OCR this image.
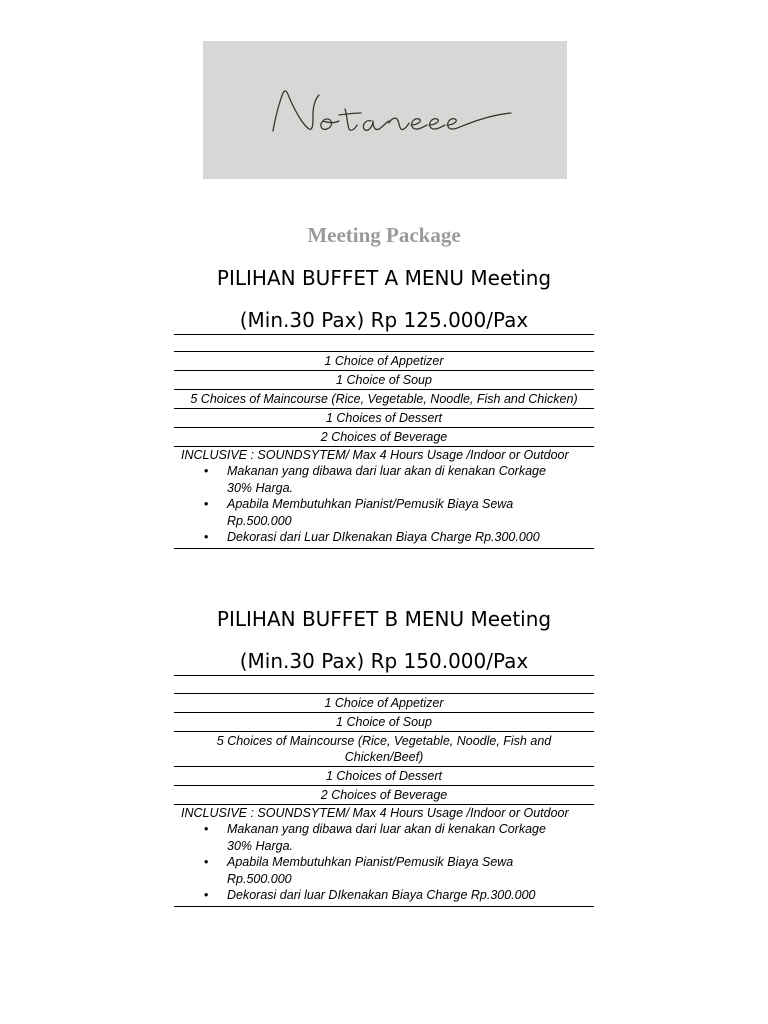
Meeting Package
PILIHAN BUFFET A MENU Meeting
(Min.30 Pax) Rp 125.000/Pax
1 Choice of Appetizer
1 Choice of Soup
5 Choices of Maincourse (Rice, Vegetable, Noodle, Fish and Chicken)
1 Choices of Dessert
2 Choices of Beverage
INCLUSIVE : SOUNDSYTEM/ Max 4 Hours Usage /Indoor or Outdoor
• Makanan yang dibawa dari luar akan di kenakan Corkage 30% Harga.
• Apabila Membutuhkan Pianist/Pemusik Biaya Sewa Rp.500.000
• Dekorasi dari Luar DIkenakan Biaya Charge Rp.300.000
PILIHAN BUFFET B MENU Meeting
(Min.30 Pax) Rp 150.000/Pax
1 Choice of Appetizer
1 Choice of Soup
5 Choices of Maincourse (Rice, Vegetable, Noodle, Fish and Chicken/Beef)
1 Choices of Dessert
2 Choices of Beverage
INCLUSIVE : SOUNDSYTEM/ Max 4 Hours Usage /Indoor or Outdoor
• Makanan yang dibawa dari luar akan di kenakan Corkage 30% Harga.
• Apabila Membutuhkan Pianist/Pemusik Biaya Sewa Rp.500.000
• Dekorasi dari luar DIkenakan Biaya Charge Rp.300.000
